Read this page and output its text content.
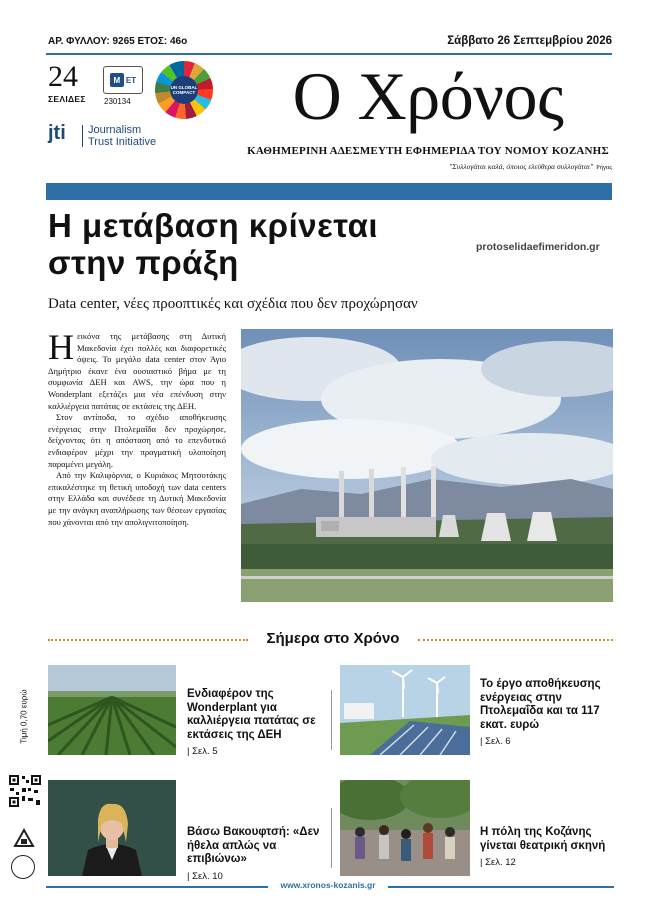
ΑΡ. ΦΥΛΛΟΥ: 9265 ΕΤΟΣ: 46ο	Σάββατο 26 Σεπτεμβρίου 2026
24
ΣΕΛΙΔΕΣ
Μ ΕΤ
230134
UN GLOBAL COMPACT
jti Journalism
Trust Initiative
Ο Χρόνος
ΚΑΘΗΜΕΡΙΝΗ ΑΔΕΣΜΕΥΤΗ ΕΦΗΜΕΡΙΔΑ ΤΟΥ ΝΟΜΟΥ ΚΟΖΑΝΗΣ
"Συλλογάται καλά, όποιος ελεύθερα συλλογάται" Ρήγας
Η μετάβαση κρίνεται
στην πράξη	protoselidaefimeridon.gr
Data center, νέες προοπτικές και σχέδια που δεν προχώρησαν

Ηεικόνα της μετάβασης στη Δυτική Μακεδονία έχει πολλές και διαφορετικές όψεις. Το μεγάλο data center στον Άγιο Δημήτριο έκανε ένα ουσιαστικό βήμα με τη συμφωνία ΔΕΗ και AWS, την ώρα που η Wonderplant εξετάζει μια νέα επένδυση στην καλλιέργεια πατάτας σε εκτάσεις της ΔΕΗ.

Στον αντίποδα, το σχέδιο αποθήκευσης ενέργειας στην Πτολεμαΐδα δεν προχώρησε, δείχνοντας ότι η απόσταση από το επενδυτικό ενδιαφέρον μέχρι την πραγματική υλοποίηση παραμένει μεγάλη.

Από την Καλιφόρνια, ο Κυριάκος Μητσοτάκης επικαλέστηκε τη θετική υποδοχή των data centers στην Ελλάδα και συνέδεσε τη Δυτική Μακεδονία με την ανάγκη αναπλήρωσης των θέσεων εργασίας που χάνονται από την απολιγνιτοποίηση.

Σήμερα στο Χρόνο
Τιμή 0,70 ευρώ	Ενδιαφέρον της Wonderplant για καλλιέργεια πατάτας σε εκτάσεις της ΔΕΗ
| Σελ. 5
Το έργο αποθήκευσης ενέργειας στην Πτολεμαΐδα και τα 117 εκατ. ευρώ
| Σελ. 6
Βάσω Βακουφτσή: «Δεν ήθελα απλώς να επιβιώνω»
| Σελ. 10
Η πόλη της Κοζάνης γίνεται θεατρική σκηνή
| Σελ. 12
www.xronos-kozanis.gr
